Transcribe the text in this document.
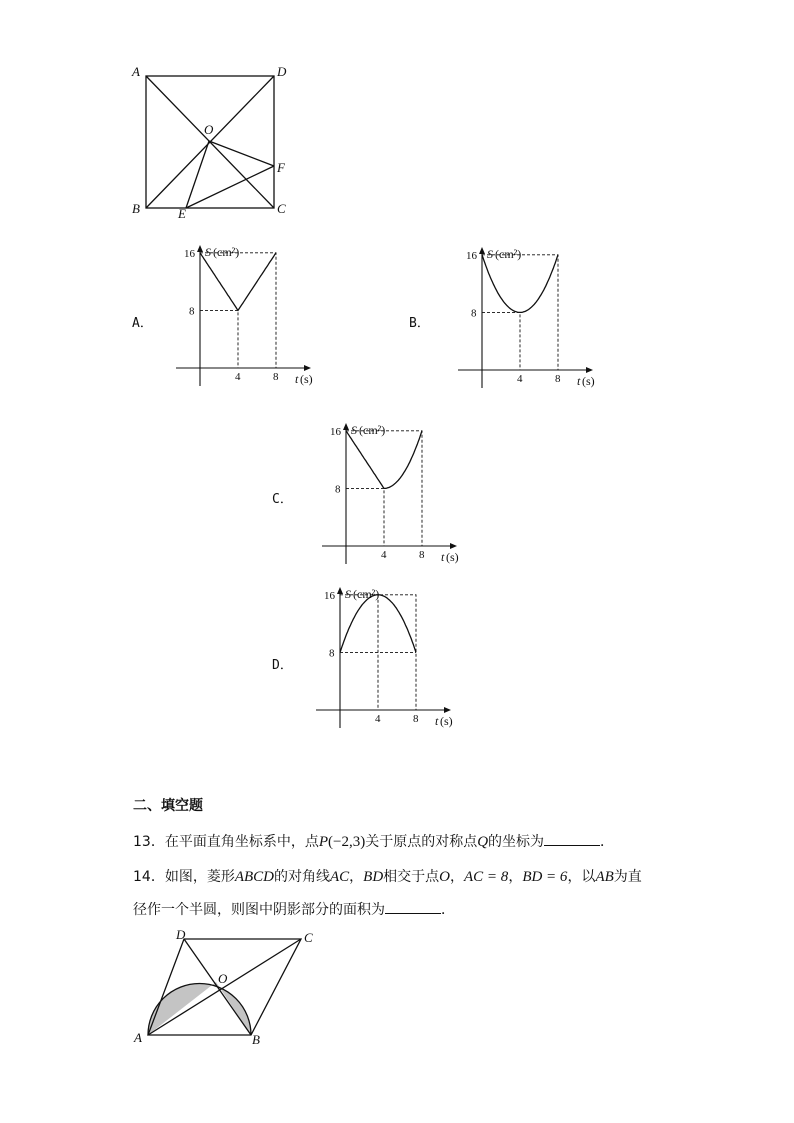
A	D
O
F
B	E	C
A．
16
8
4	8
S (cm²)
t (s)
B．
16
8
4	8
S (cm²)
t (s)
C．
16
8
4	8
S (cm²)
t (s)
D．
16
8
4	8
S (cm²)
t (s)
二、填空题
13．在平面直角坐标系中，点P(−2,3)关于原点的对称点Q的坐标为	．
14．如图，菱形ABCD的对角线AC，BD相交于点O，AC = 8，BD = 6，以AB为直
径作一个半圆，则图中阴影部分的面积为	．
D	C
O
A	B
